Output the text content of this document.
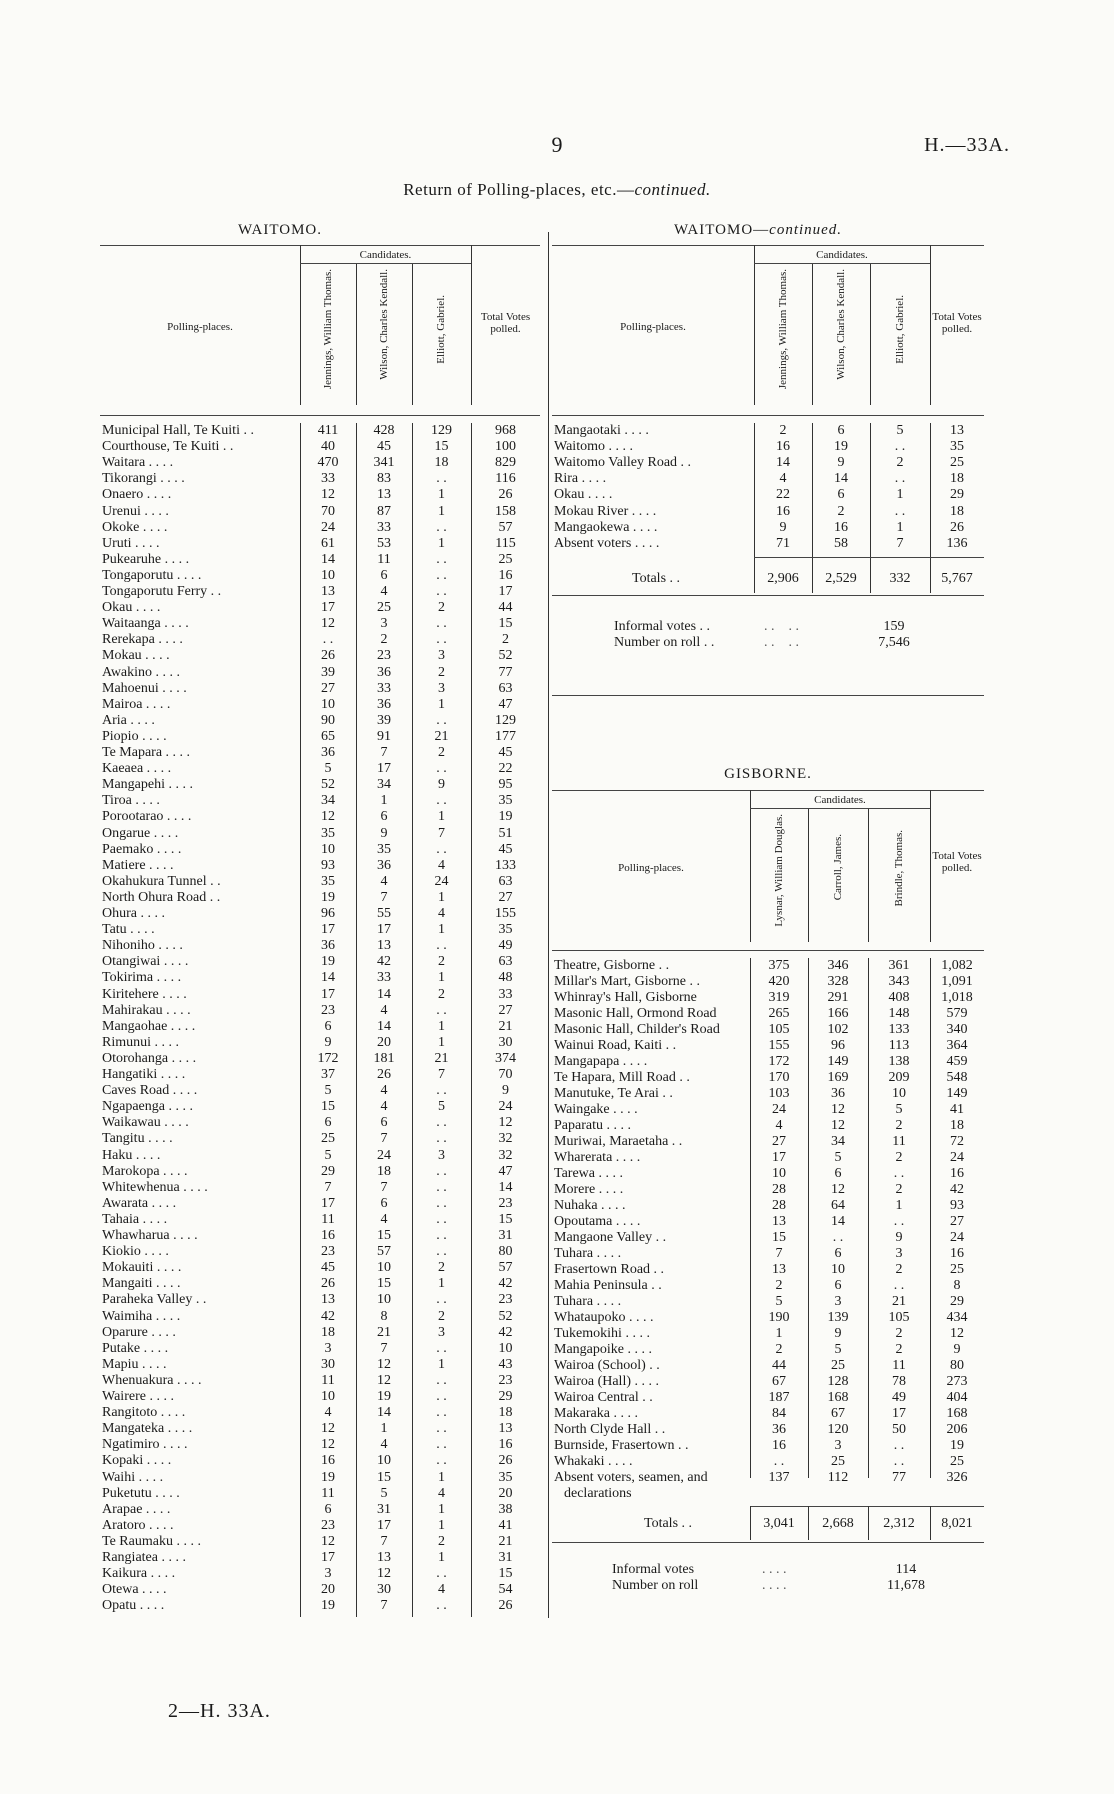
9	H.—33A.
Return of Polling-places, etc.—continued.
WAITOMO.	WAITOMO—continued.
Candidates.
Polling-places.	Jennings, William Thomas.	Wilson, Charles Kendall.	Elliott, Gabriel.	Total Votes polled.
Municipal Hall, Te Kuiti . .	411	428	129	968
Courthouse, Te Kuiti . .	40	45	15	100
Waitara . . . .	470	341	18	829
Tikorangi . . . .	33	83	. .	116
Onaero . . . .	12	13	1	26
Urenui . . . .	70	87	1	158
Okoke . . . .	24	33	. .	57
Uruti . . . .	61	53	1	115
Pukearuhe . . . .	14	11	. .	25
Tongaporutu . . . .	10	6	. .	16
Tongaporutu Ferry . .	13	4	. .	17
Okau . . . .	17	25	2	44
Waitaanga . . . .	12	3	. .	15
Rerekapa . . . .	. .	2	. .	2
Mokau . . . .	26	23	3	52
Awakino . . . .	39	36	2	77
Mahoenui . . . .	27	33	3	63
Mairoa . . . .	10	36	1	47
Aria . . . .	90	39	. .	129
Piopio . . . .	65	91	21	177
Te Mapara . . . .	36	7	2	45
Kaeaea . . . .	5	17	. .	22
Mangapehi . . . .	52	34	9	95
Tiroa . . . .	34	1	. .	35
Porootarao . . . .	12	6	1	19
Ongarue . . . .	35	9	7	51
Paemako . . . .	10	35	. .	45
Matiere . . . .	93	36	4	133
Okahukura Tunnel . .	35	4	24	63
North Ohura Road . .	19	7	1	27
Ohura . . . .	96	55	4	155
Tatu . . . .	17	17	1	35
Nihoniho . . . .	36	13	. .	49
Otangiwai . . . .	19	42	2	63
Tokirima . . . .	14	33	1	48
Kiritehere . . . .	17	14	2	33
Mahirakau . . . .	23	4	. .	27
Mangaohae . . . .	6	14	1	21
Rimunui . . . .	9	20	1	30
Otorohanga . . . .	172	181	21	374
Hangatiki . . . .	37	26	7	70
Caves Road . . . .	5	4	. .	9
Ngapaenga . . . .	15	4	5	24
Waikawau . . . .	6	6	. .	12
Tangitu . . . .	25	7	. .	32
Haku . . . .	5	24	3	32
Marokopa . . . .	29	18	. .	47
Whitewhenua . . . .	7	7	. .	14
Awarata . . . .	17	6	. .	23
Tahaia . . . .	11	4	. .	15
Whawharua . . . .	16	15	. .	31
Kiokio . . . .	23	57	. .	80
Mokauiti . . . .	45	10	2	57
Mangaiti . . . .	26	15	1	42
Paraheka Valley . .	13	10	. .	23
Waimiha . . . .	42	8	2	52
Oparure . . . .	18	21	3	42
Putake . . . .	3	7	. .	10
Mapiu . . . .	30	12	1	43
Whenuakura . . . .	11	12	. .	23
Wairere . . . .	10	19	. .	29
Rangitoto . . . .	4	14	. .	18
Mangateka . . . .	12	1	. .	13
Ngatimiro . . . .	12	4	. .	16
Kopaki . . . .	16	10	. .	26
Waihi . . . .	19	15	1	35
Puketutu . . . .	11	5	4	20
Arapae . . . .	6	31	1	38
Aratoro . . . .	23	17	1	41
Te Raumaku . . . .	12	7	2	21
Rangiatea . . . .	17	13	1	31
Kaikura . . . .	3	12	. .	15
Otewa . . . .	20	30	4	54
Opatu . . . .	19	7	. .	26
Candidates.
Polling-places.	Jennings, William Thomas.	Wilson, Charles Kendall.	Elliott, Gabriel.	Total Votes polled.
Mangaotaki . . . .	2	6	5	13
Waitomo . . . .	16	19	. .	35
Waitomo Valley Road . .	14	9	2	25
Rira . . . .	4	14	. .	18
Okau . . . .	22	6	1	29
Mokau River . . . .	16	2	. .	18
Mangaokewa . . . .	9	16	1	26
Absent voters . . . .	71	58	7	136
Totals . .	2,906	2,529	332	5,767
Informal votes . .	. .    . .	159
Number on roll . .	. .    . .	7,546
GISBORNE.
Candidates.
Polling-places.	Lysnar, William Douglas.	Carroll, James.	Brindle, Thomas.	Total Votes polled.
Theatre, Gisborne . .	375	346	361	1,082
Millar's Mart, Gisborne . .	420	328	343	1,091
Whinray's Hall, Gisborne	319	291	408	1,018
Masonic Hall, Ormond Road	265	166	148	579
Masonic Hall, Childer's Road	105	102	133	340
Wainui Road, Kaiti . .	155	96	113	364
Mangapapa . . . .	172	149	138	459
Te Hapara, Mill Road . .	170	169	209	548
Manutuke, Te Arai . .	103	36	10	149
Waingake . . . .	24	12	5	41
Paparatu . . . .	4	12	2	18
Muriwai, Maraetaha . .	27	34	11	72
Wharerata . . . .	17	5	2	24
Tarewa . . . .	10	6	. .	16
Morere . . . .	28	12	2	42
Nuhaka . . . .	28	64	1	93
Opoutama . . . .	13	14	. .	27
Mangaone Valley . .	15	. .	9	24
Tuhara . . . .	7	6	3	16
Frasertown Road . .	13	10	2	25
Mahia Peninsula . .	2	6	. .	8
Tuhara . . . .	5	3	21	29
Whataupoko . . . .	190	139	105	434
Tukemokihi . . . .	1	9	2	12
Mangapoike . . . .	2	5	2	9
Wairoa (School) . .	44	25	11	80
Wairoa (Hall) . . . .	67	128	78	273
Wairoa Central . .	187	168	49	404
Makaraka . . . .	84	67	17	168
North Clyde Hall . .	36	120	50	206
Burnside, Frasertown . .	16	3	. .	19
Whakaki . . . .	. .	25	. .	25
Absent voters, seamen, and
declarations
137	112	77	326
Totals . .	3,041	2,668	2,312	8,021
Informal votes	. . . .	114
Number on roll	. . . .	11,678
2—H. 33A.
